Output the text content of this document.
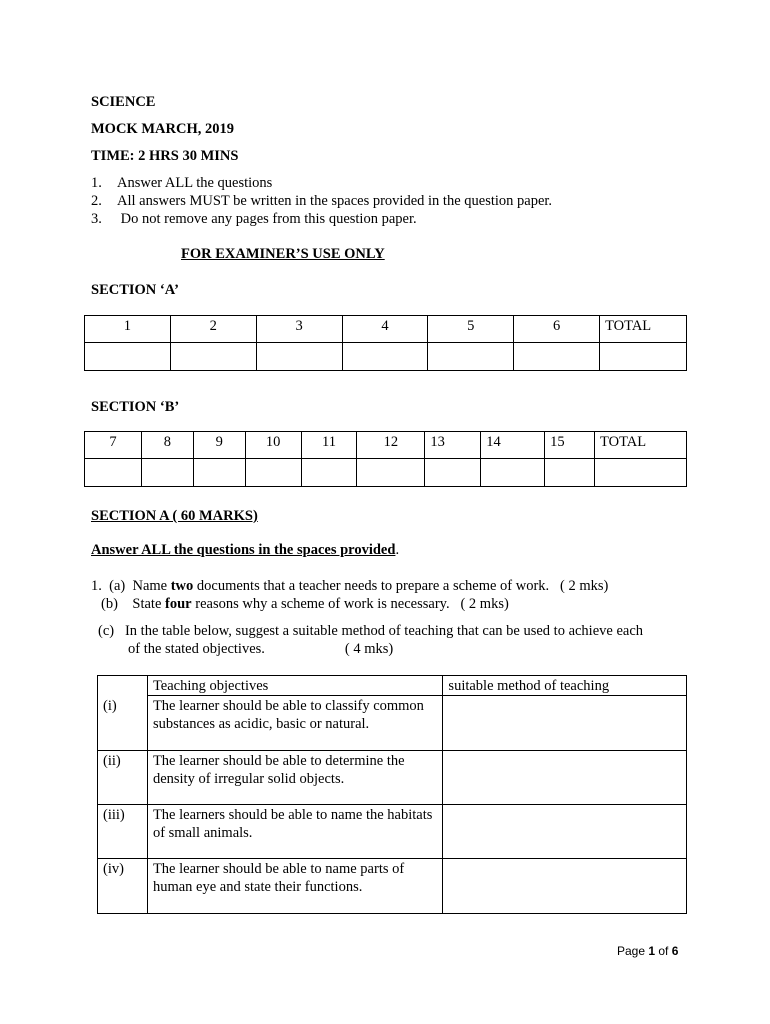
SCIENCE
MOCK MARCH, 2019
TIME: 2 HRS 30 MINS
1. Answer ALL the questions
2. All answers MUST be written in the spaces provided in the question paper.
3. Do not remove any pages from this question paper.
FOR EXAMINER’S USE ONLY
SECTION ‘A’
1	2	3	4	5	6	TOTAL

SECTION ‘B’
7	8	9	10	11	12	13	14	15	TOTAL

SECTION A ( 60 MARKS)
Answer ALL the questions in the spaces provided.
1.  (a)  Name two documents that a teacher needs to prepare a scheme of work.   ( 2 mks)
(b)    State four reasons why a scheme of work is necessary.   ( 2 mks)
(c)   In the table below, suggest a suitable method of teaching that can be used to achieve each
of the stated objectives.	( 4 mks)
	Teaching objectives	suitable method of teaching
(i)	The learner should be able to classify common substances as acidic, basic or natural.	
(ii)	The learner should be able to determine the density of irregular solid objects.	
(iii)	The learners should be able to name the habitats of small animals.	
(iv)	The learner should be able to name parts of human eye and state their functions.	
Page 1 of 6
